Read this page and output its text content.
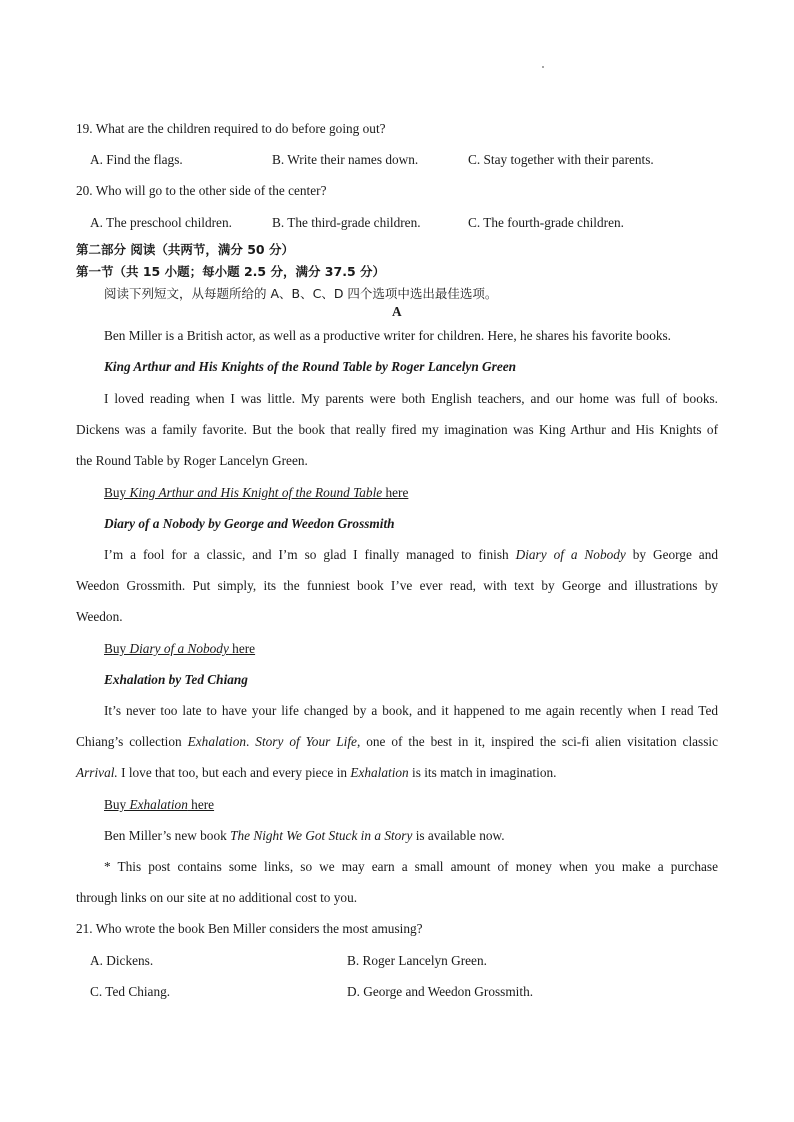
19. What are the children required to do before going out?
A. Find the flags.	B. Write their names down.	C. Stay together with their parents.
20. Who will go to the other side of the center?
A. The preschool children.	B. The third-grade children.	C. The fourth-grade children.
第二部分 阅读（共两节，满分 50 分）
第一节（共 15 小题；每小题 2.5 分，满分 37.5 分）
阅读下列短文，从每题所给的 A、B、C、D 四个选项中选出最佳选项。
A
Ben Miller is a British actor, as well as a productive writer for children. Here, he shares his favorite books.
King Arthur and His Knights of the Round Table by Roger Lancelyn Green
I loved reading when I was little. My parents were both English teachers, and our home was full of books.
Dickens was a family favorite. But the book that really fired my imagination was King Arthur and His Knights of
the Round Table by Roger Lancelyn Green.
Buy King Arthur and His Knight of the Round Table here
Diary of a Nobody by George and Weedon Grossmith
I’m a fool for a classic, and I’m so glad I finally managed to finish Diary of a Nobody by George and
Weedon Grossmith. Put simply, its the funniest book I’ve ever read, with text by George and illustrations by
Weedon.
Buy Diary of a Nobody here
Exhalation by Ted Chiang
It’s never too late to have your life changed by a book, and it happened to me again recently when I read Ted
Chiang’s collection Exhalation. Story of Your Life, one of the best in it, inspired the sci-fi alien visitation classic
Arrival. I love that too, but each and every piece in Exhalation is its match in imagination.
Buy Exhalation here
Ben Miller’s new book The Night We Got Stuck in a Story is available now.
* This post contains some links, so we may earn a small amount of money when you make a purchase
through links on our site at no additional cost to you.
21. Who wrote the book Ben Miller considers the most amusing?
A. Dickens.	B. Roger Lancelyn Green.
C. Ted Chiang.	D. George and Weedon Grossmith.
